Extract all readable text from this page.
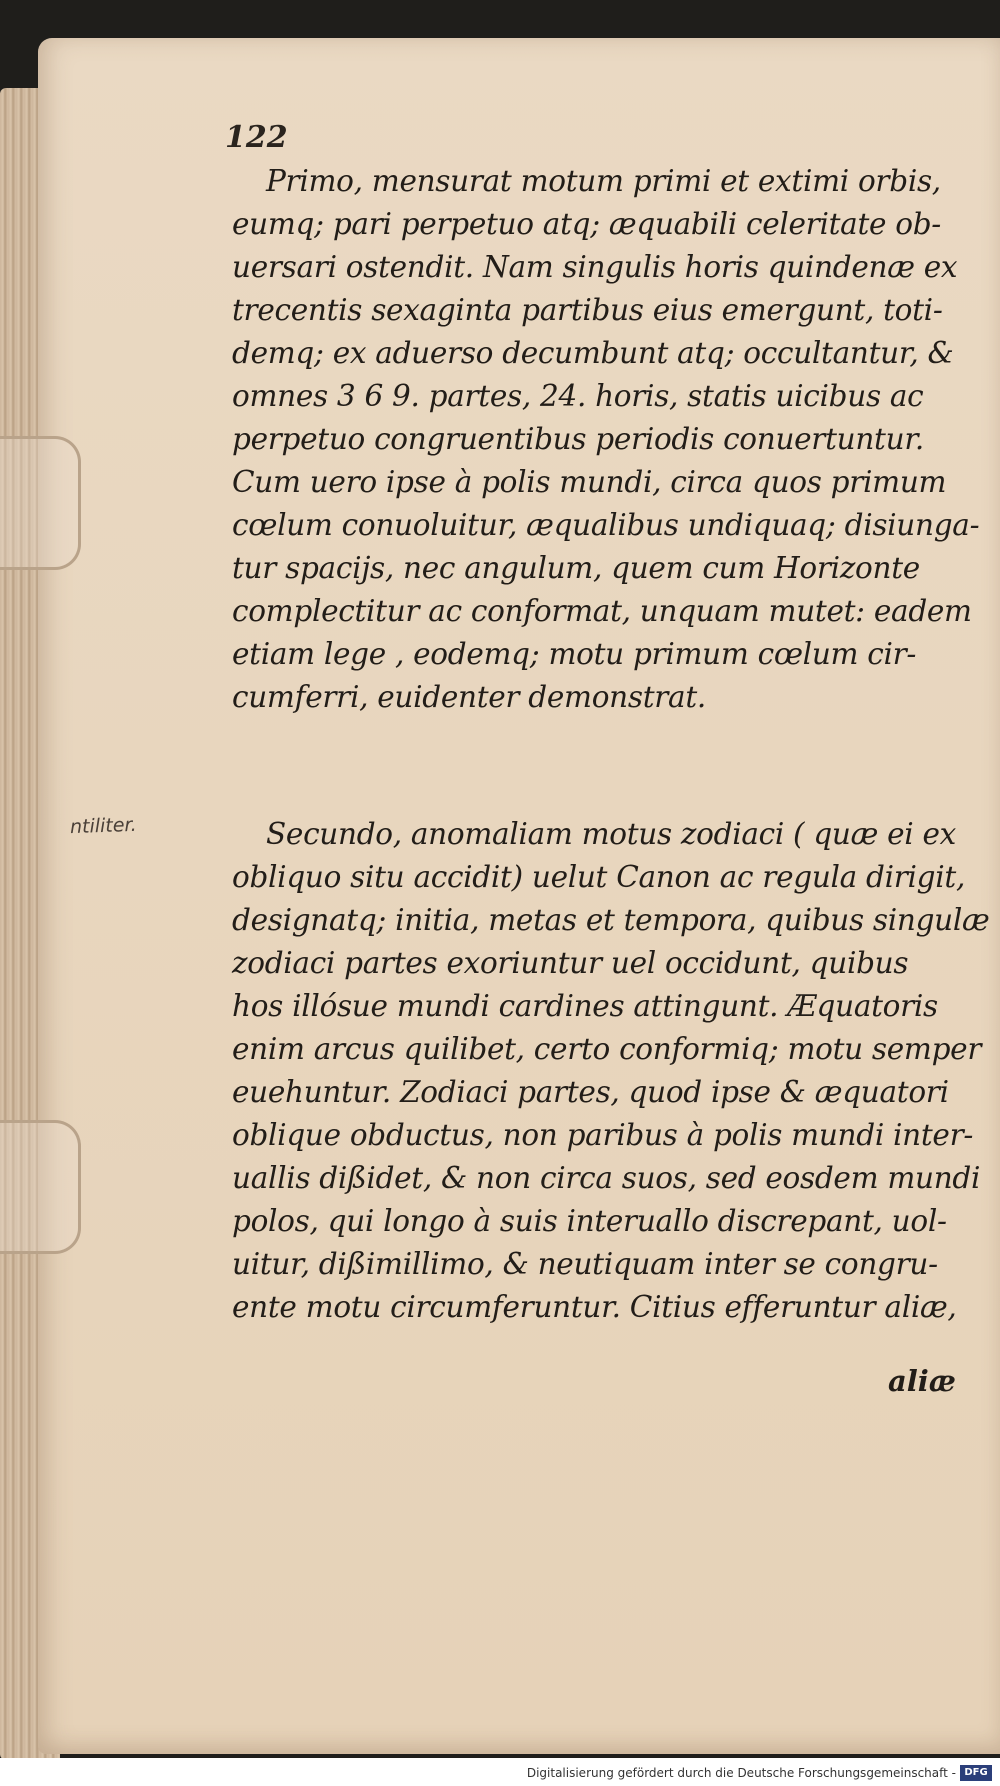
122
ntiliter.
Primo, mensurat motum primi et extimi orbis,
eumq; pari perpetuo atq; æquabili celeritate ob-
uersari ostendit. Nam singulis horis quindenæ ex
trecentis sexaginta partibus eius emergunt, toti-
demq; ex aduerso decumbunt atq; occultantur, &
omnes 3 6 9. partes, 24. horis, statis uicibus ac
perpetuo congruentibus periodis conuertuntur.
Cum uero ipse à polis mundi, circa quos primum
cœlum conuoluitur, æqualibus undiquaq; disiunga-
tur spacijs, nec angulum, quem cum Horizonte
complectitur ac conformat, unquam mutet: eadem
etiam lege , eodemq; motu primum cœlum cir-
cumferri, euidenter demonstrat.
Secundo, anomaliam motus zodiaci ( quæ ei ex
obliquo situ accidit) uelut Canon ac regula dirigit,
designatq; initia, metas et tempora, quibus singulæ
zodiaci partes exoriuntur uel occidunt, quibus
hos illósue mundi cardines attingunt. Æquatoris
enim arcus quilibet, certo conformiq; motu semper
euehuntur. Zodiaci partes, quod ipse & æquatori
oblique obductus, non paribus à polis mundi inter-
uallis dißidet, & non circa suos, sed eosdem mundi
polos, qui longo à suis interuallo discrepant, uol-
uitur, dißimillimo, & neutiquam inter se congru-
ente motu circumferuntur. Citius efferuntur aliæ,
aliæ
Digitalisierung gefördert durch die Deutsche Forschungsgemeinschaft - DFG
